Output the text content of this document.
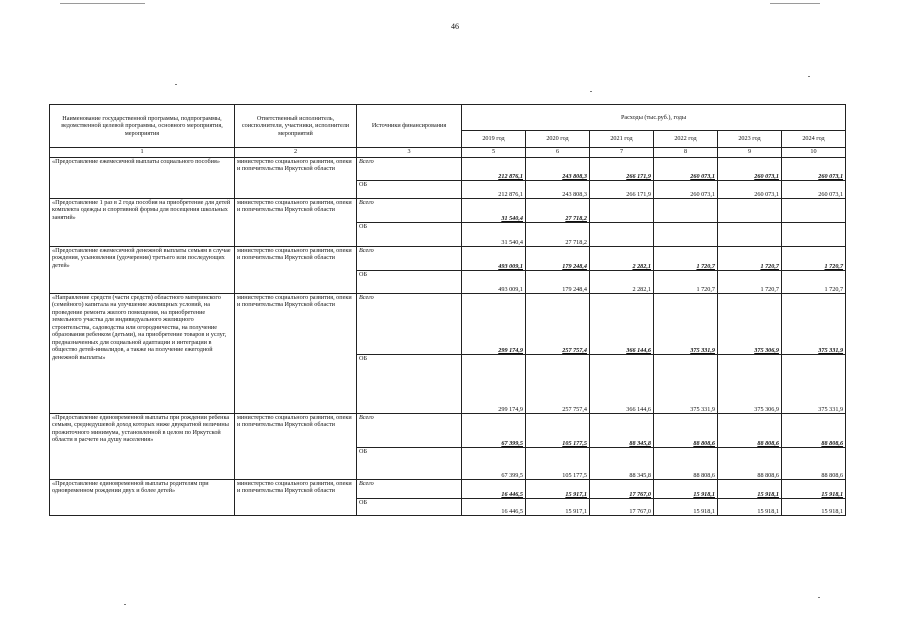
46
Наименование государственной программы, подпрограммы, ведомственной целевой программы, основного мероприятия, мероприятия	Ответственный исполнитель, соисполнители, участники, исполнители мероприятий	Источники финансирования	Расходы (тыс.руб.), годы					
			2019 год	2020 год	2021 год	2022 год	2023 год	2024 год
1	2	3	5	6	7	8	9	10
«Предоставление ежемесячной выплаты социального пособия»	министерство социального развития, опеки и попечительства Иркутской области	Всего	212 876,1	243 808,3	266 171,9	260 073,1	260 073,1	260 073,1
		ОБ	212 876,1	243 808,3	266 171,9	260 073,1	260 073,1	260 073,1
«Предоставление 1 раз в 2 года пособия на приобретение для детей комплекта одежды и спортивной формы для посещения школьных занятий»	министерство социального развития, опеки и попечительства Иркутской области	Всего	31 540,4	27 718,2				
		ОБ	31 540,4	27 718,2				
«Предоставление ежемесячной денежной выплаты семьям в случае рождения, усыновления (удочерения) третьего или последующих детей»	министерство социального развития, опеки и попечительства Иркутской области	Всего	493 009,1	179 248,4	2 282,1	1 720,7	1 720,7	1 720,7
		ОБ	493 009,1	179 248,4	2 282,1	1 720,7	1 720,7	1 720,7
«Направление средств (части средств) областного материнского (семейного) капитала на улучшение жилищных условий, на проведение ремонта жилого помещения, на приобретение земельного участка для индивидуального жилищного строительства, садоводства или огородничества, на получение образования ребенком (детьми), на приобретение товаров и услуг, предназначенных для социальной адаптации и интеграции в общество детей-инвалидов, а также на получение ежегодной денежной выплаты»	министерство социального развития, опеки и попечительства Иркутской области	Всего	299 174,9	257 757,4	366 144,6	375 331,9	375 306,9	375 331,9
		ОБ	299 174,9	257 757,4	366 144,6	375 331,9	375 306,9	375 331,9
«Предоставление единовременной выплаты при рождении ребенка семьям, среднедушевой доход которых ниже двукратной величины прожиточного минимума, установленной в целом по Иркутской области в расчете на душу населения»	министерство социального развития, опеки и попечительства Иркутской области	Всего	67 399,5	105 177,5	88 345,8	88 808,6	88 808,6	88 808,6
		ОБ	67 399,5	105 177,5	88 345,8	88 808,6	88 808,6	88 808,6
«Предоставление единовременной выплаты родителям при одновременном рождении двух и более детей»	министерство социального развития, опеки и попечительства Иркутской области	Всего	16 446,5	15 917,1	17 767,0	15 918,1	15 918,1	15 918,1
		ОБ	16 446,5	15 917,1	17 767,0	15 918,1	15 918,1	15 918,1
